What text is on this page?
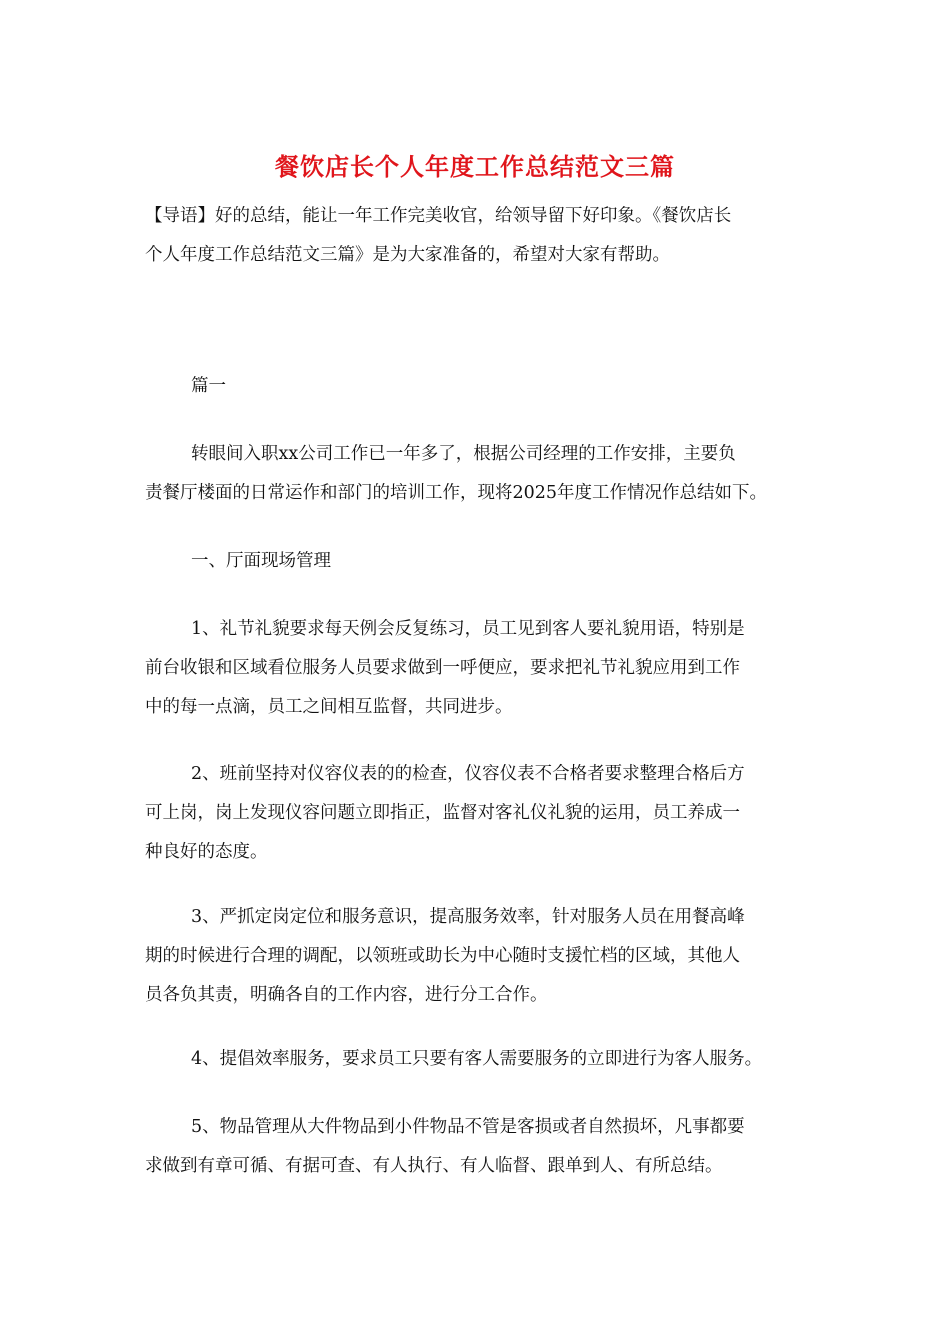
餐饮店长个人年度工作总结范文三篇
【导语】好的总结，能让一年工作完美收官，给领导留下好印象。《餐饮店长
个人年度工作总结范文三篇》是为大家准备的，希望对大家有帮助。
篇一
转眼间入职xx公司工作已一年多了，根据公司经理的工作安排，主要负
责餐厅楼面的日常运作和部门的培训工作，现将2025年度工作情况作总结如下。
一、厅面现场管理
1、礼节礼貌要求每天例会反复练习，员工见到客人要礼貌用语，特别是
前台收银和区域看位服务人员要求做到一呼便应，要求把礼节礼貌应用到工作
中的每一点滴，员工之间相互监督，共同进步。
2、班前坚持对仪容仪表的的检查，仪容仪表不合格者要求整理合格后方
可上岗，岗上发现仪容问题立即指正，监督对客礼仪礼貌的运用，员工养成一
种良好的态度。
3、严抓定岗定位和服务意识，提高服务效率，针对服务人员在用餐高峰
期的时候进行合理的调配，以领班或助长为中心随时支援忙档的区域，其他人
员各负其责，明确各自的工作内容，进行分工合作。
4、提倡效率服务，要求员工只要有客人需要服务的立即进行为客人服务。
5、物品管理从大件物品到小件物品不管是客损或者自然损坏，凡事都要
求做到有章可循、有据可查、有人执行、有人临督、跟单到人、有所总结。
